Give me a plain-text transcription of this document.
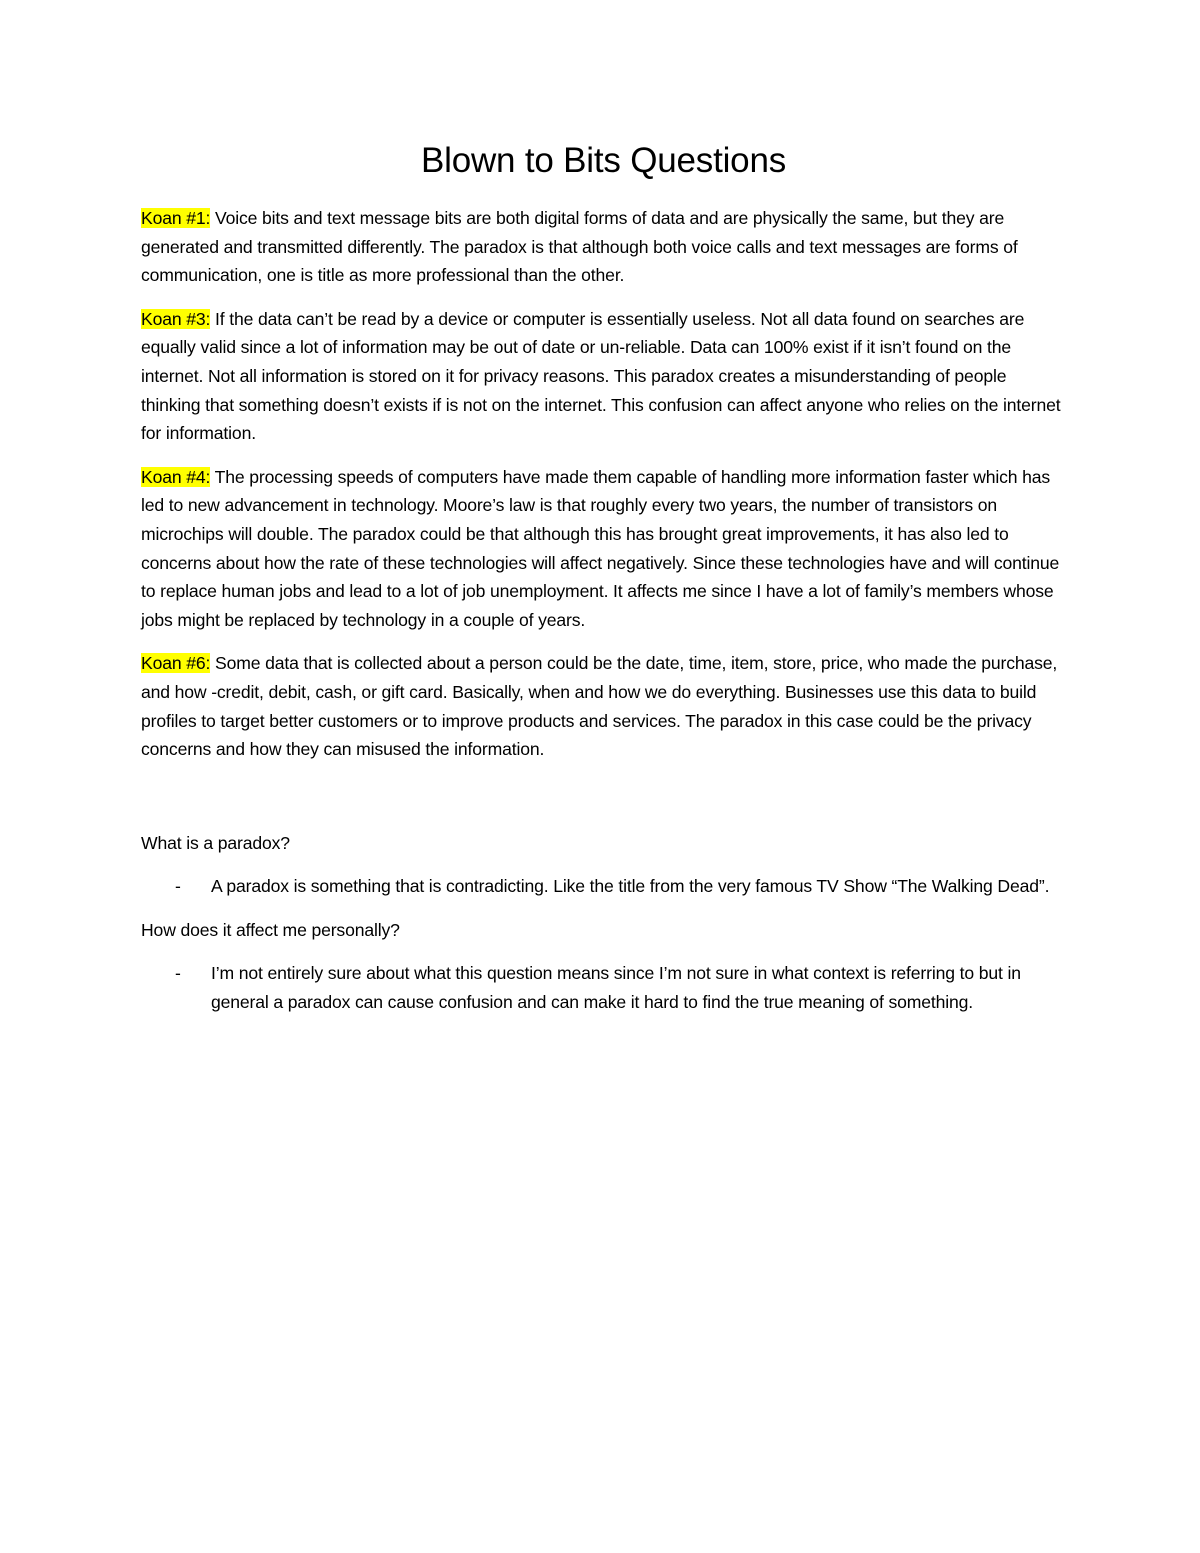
Blown to Bits Questions

Koan #1: Voice bits and text message bits are both digital forms of data and are physically the same, but they are generated and transmitted differently. The paradox is that although both voice calls and text messages are forms of communication, one is title as more professional than the other.

Koan #3: If the data can’t be read by a device or computer is essentially useless. Not all data found on searches are equally valid since a lot of information may be out of date or un-reliable. Data can 100% exist if it isn’t found on the internet. Not all information is stored on it for privacy reasons. This paradox creates a misunderstanding of people thinking that something doesn’t exists if is not on the internet. This confusion can affect anyone who relies on the internet for information.

Koan #4: The processing speeds of computers have made them capable of handling more information faster which has led to new advancement in technology. Moore’s law is that roughly every two years, the number of transistors on microchips will double. The paradox could be that although this has brought great improvements, it has also led to concerns about how the rate of these technologies will affect negatively. Since these technologies have and will continue to replace human jobs and lead to a lot of job unemployment. It affects me since I have a lot of family’s members whose jobs might be replaced by technology in a couple of years.

Koan #6: Some data that is collected about a person could be the date, time, item, store, price, who made the purchase, and how -credit, debit, cash, or gift card. Basically, when and how we do everything. Businesses use this data to build profiles to target better customers or to improve products and services. The paradox in this case could be the privacy concerns and how they can misused the information.

What is a paradox?

- A paradox is something that is contradicting. Like the title from the very famous TV Show “The Walking Dead”.

How does it affect me personally?

- I’m not entirely sure about what this question means since I’m not sure in what context is referring to but in general a paradox can cause confusion and can make it hard to find the true meaning of something.
